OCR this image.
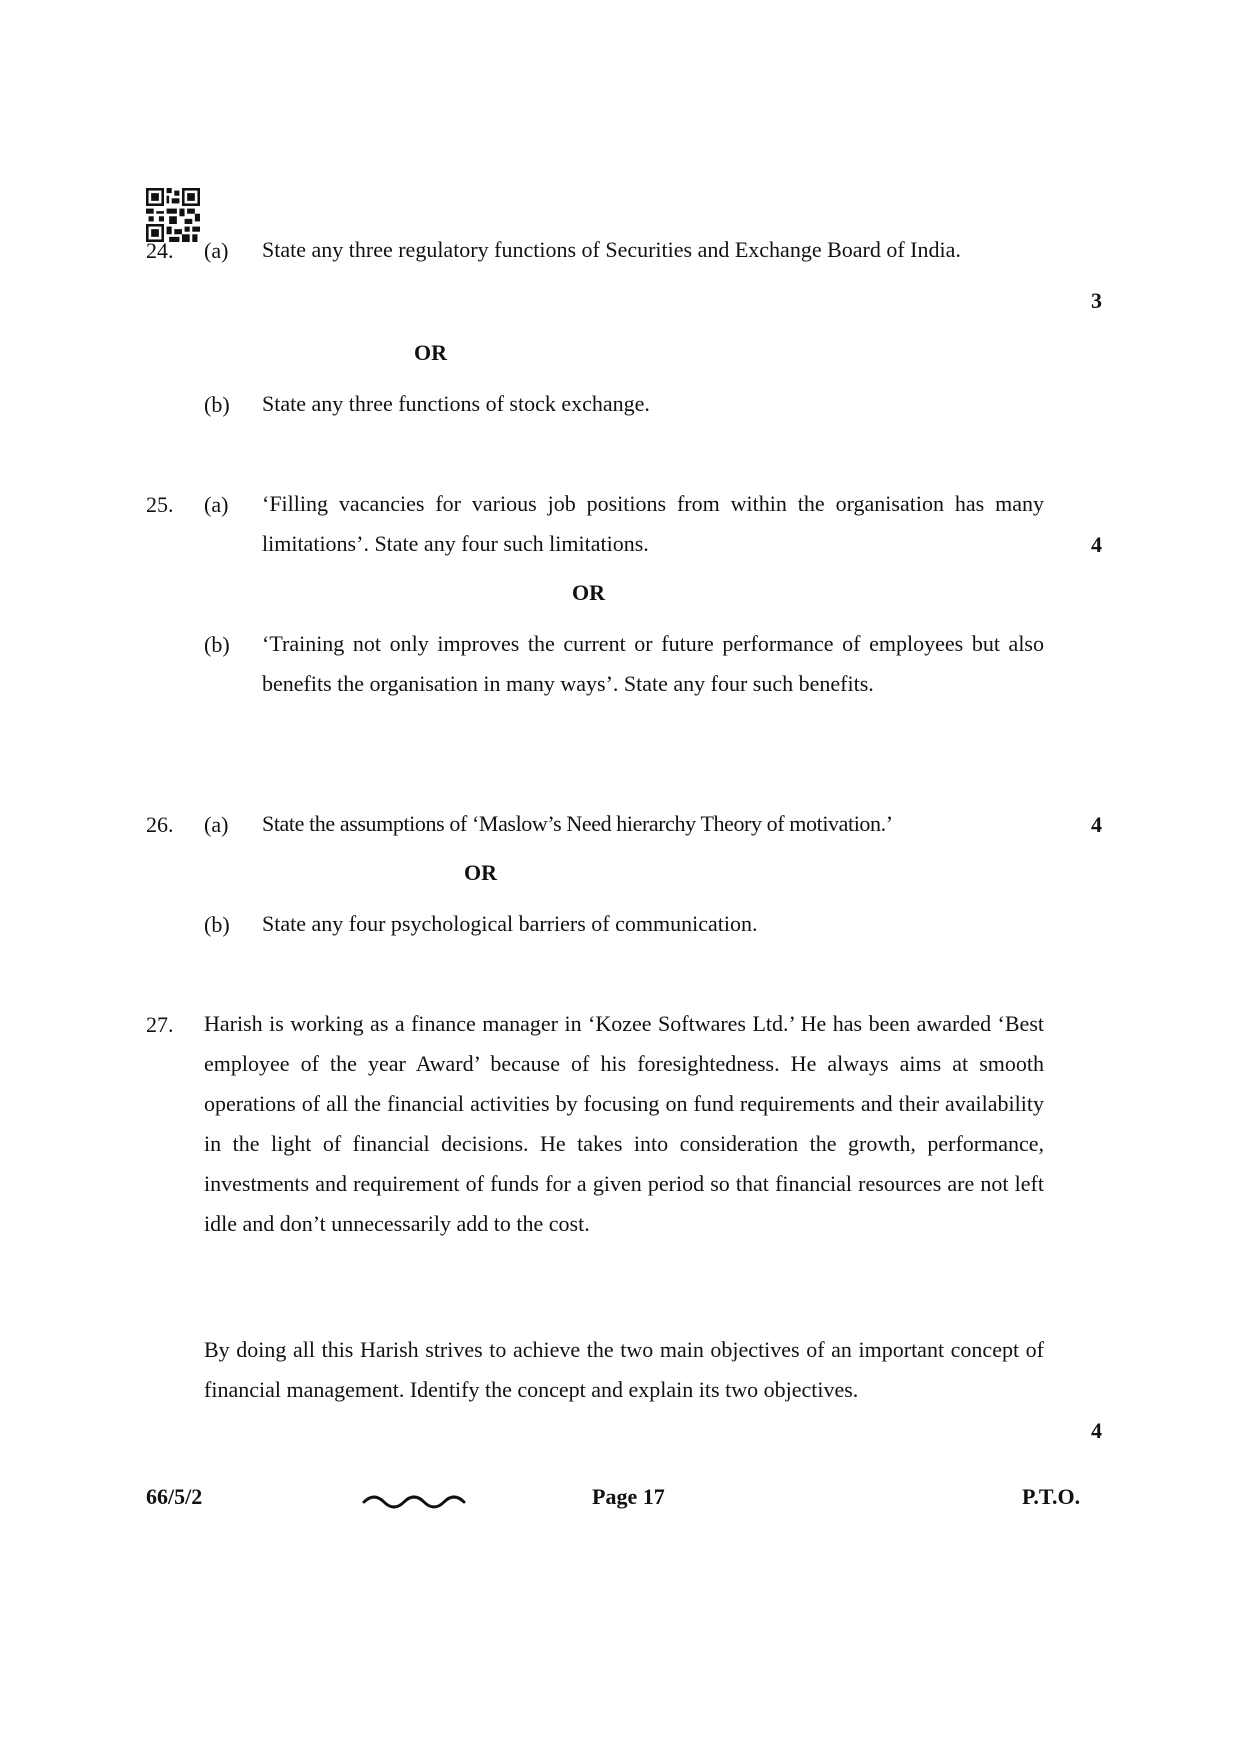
24. (a) State any three regulatory functions of Securities and Exchange Board of India.
3
OR
(b) State any three functions of stock exchange.
25. (a) ‘Filling vacancies for various job positions from within the organisation has many limitations’. State any four such limitations.	4
OR
(b) ‘Training not only improves the current or future performance of employees but also benefits the organisation in many ways’. State any four such benefits.
26. (a) State the assumptions of ‘Maslow’s Need hierarchy Theory of motivation.’	4
OR
(b) State any four psychological barriers of communication.
27. Harish is working as a finance manager in ‘Kozee Softwares Ltd.’ He has been awarded ‘Best employee of the year Award’ because of his foresightedness. He always aims at smooth operations of all the financial activities by focusing on fund requirements and their availability in the light of financial decisions. He takes into consideration the growth, performance, investments and requirement of funds for a given period so that financial resources are not left idle and don’t unnecessarily add to the cost.
By doing all this Harish strives to achieve the two main objectives of an important concept of financial management. Identify the concept and explain its two objectives.
4
66/5/2	Page 17	P.T.O.
